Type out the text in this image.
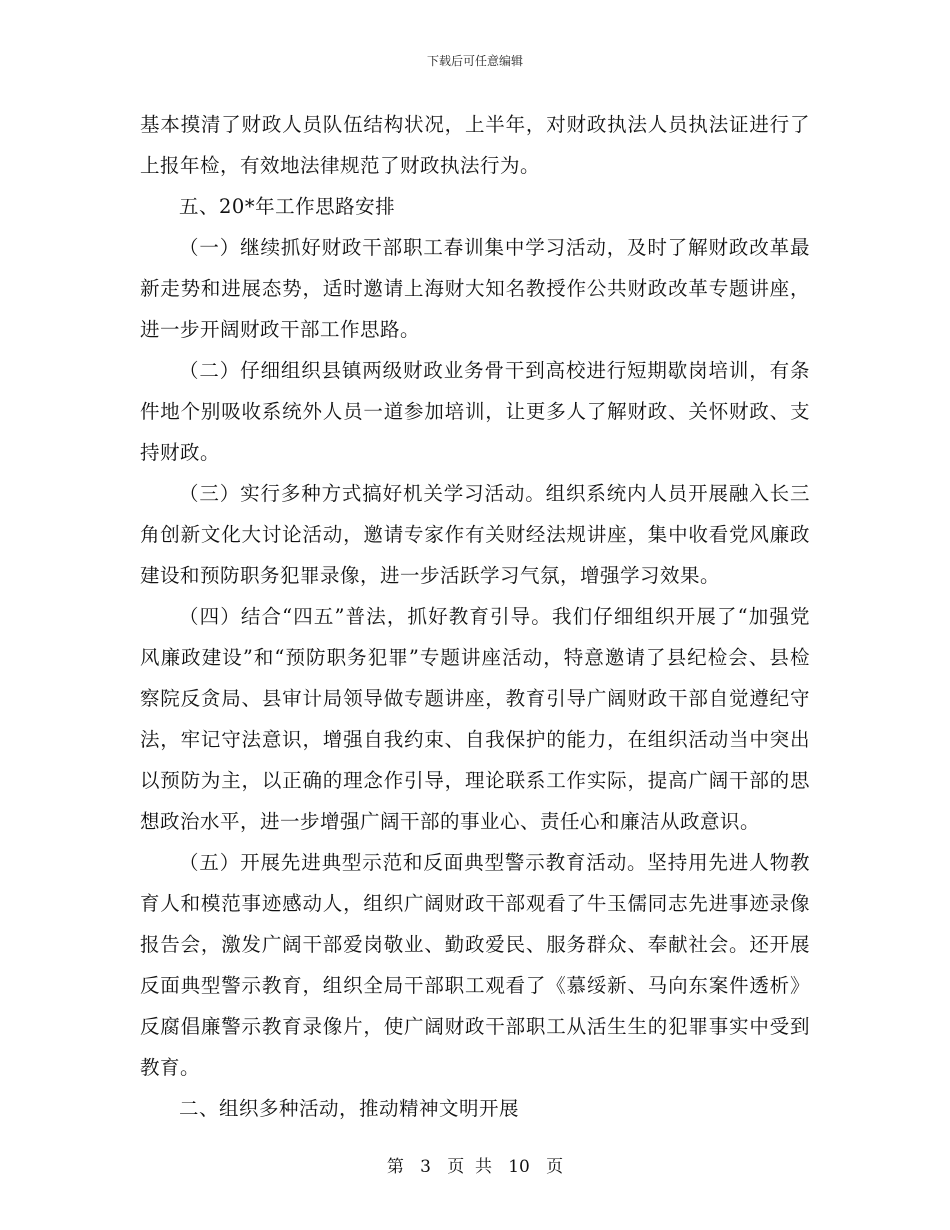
下载后可任意编辑

基本摸清了财政人员队伍结构状况，上半年，对财政执法人员执法证进行了上报年检，有效地法律规范了财政执法行为。

五、20*年工作思路安排

（一）继续抓好财政干部职工春训集中学习活动，及时了解财政改革最新走势和进展态势，适时邀请上海财大知名教授作公共财政改革专题讲座，进一步开阔财政干部工作思路。

（二）仔细组织县镇两级财政业务骨干到高校进行短期歇岗培训，有条件地个别吸收系统外人员一道参加培训，让更多人了解财政、关怀财政、支持财政。

（三）实行多种方式搞好机关学习活动。组织系统内人员开展融入长三角创新文化大讨论活动，邀请专家作有关财经法规讲座，集中收看党风廉政建设和预防职务犯罪录像，进一步活跃学习气氛，增强学习效果。

（四）结合“四五”普法，抓好教育引导。我们仔细组织开展了“加强党风廉政建设”和“预防职务犯罪”专题讲座活动，特意邀请了县纪检会、县检察院反贪局、县审计局领导做专题讲座，教育引导广阔财政干部自觉遵纪守法，牢记守法意识，增强自我约束、自我保护的能力，在组织活动当中突出以预防为主，以正确的理念作引导，理论联系工作实际，提高广阔干部的思想政治水平，进一步增强广阔干部的事业心、责任心和廉洁从政意识。

（五）开展先进典型示范和反面典型警示教育活动。坚持用先进人物教育人和模范事迹感动人，组织广阔财政干部观看了牛玉儒同志先进事迹录像报告会，激发广阔干部爱岗敬业、勤政爱民、服务群众、奉献社会。还开展反面典型警示教育，组织全局干部职工观看了《慕绥新、马向东案件透析》反腐倡廉警示教育录像片，使广阔财政干部职工从活生生的犯罪事实中受到教育。

二、组织多种活动，推动精神文明开展

第 3 页  共 10 页
